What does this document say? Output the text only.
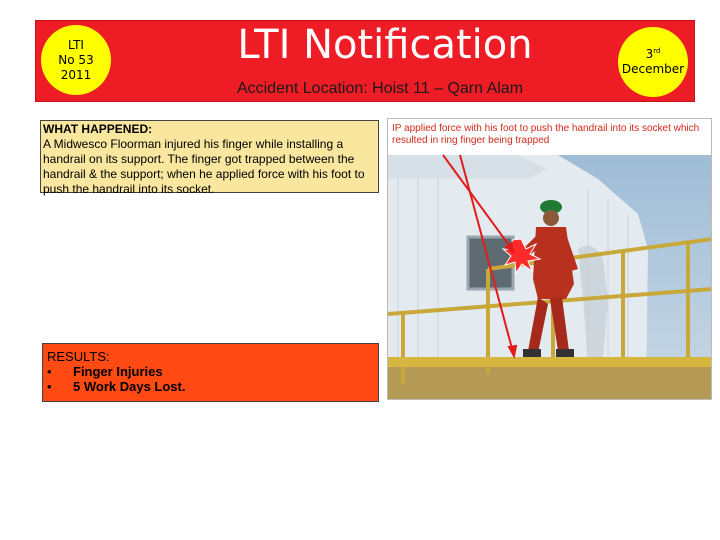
LTI
No 53
2011
LTI Notification
Accident Location: Hoist 11 – Qarn Alam
3rd
December
WHAT HAPPENED:
A Midwesco Floorman injured his finger while installing a handrail on its support. The finger got trapped between the handrail & the support; when he applied force with his foot to push the handrail into its socket.
RESULTS:
• Finger Injuries
• 5 Work Days Lost.
IP applied force with his foot to push the handrail into its socket which resulted in ring finger being trapped
